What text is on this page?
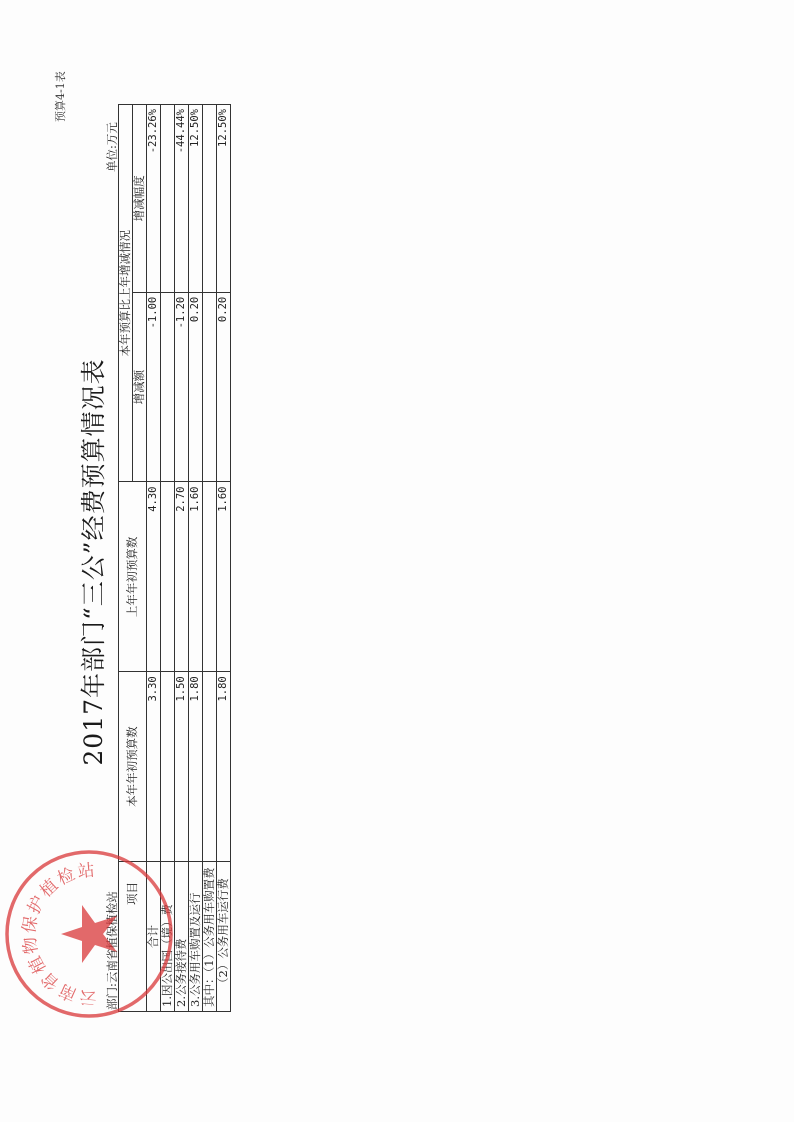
预算4-1表
2017年部门“三公”经费预算情况表
部门:云南省植保植检站
单位:万元
项目	本年年初预算数	上年年初预算数	本年预算比上年增减情况	
			增减额	增减幅度
合计	3.30	4.30	-1.00	-23.26%
1.因公出国（境）费				
2.公务接待费	1.50	2.70	-1.20	-44.44%
3.公务用车购置及运行	1.80	1.60	0.20	12.50%
其中：（1）公务用车购置费				
（2）公务用车运行费	1.80	1.60	0.20	12.50%
云南省植物保护植检站
